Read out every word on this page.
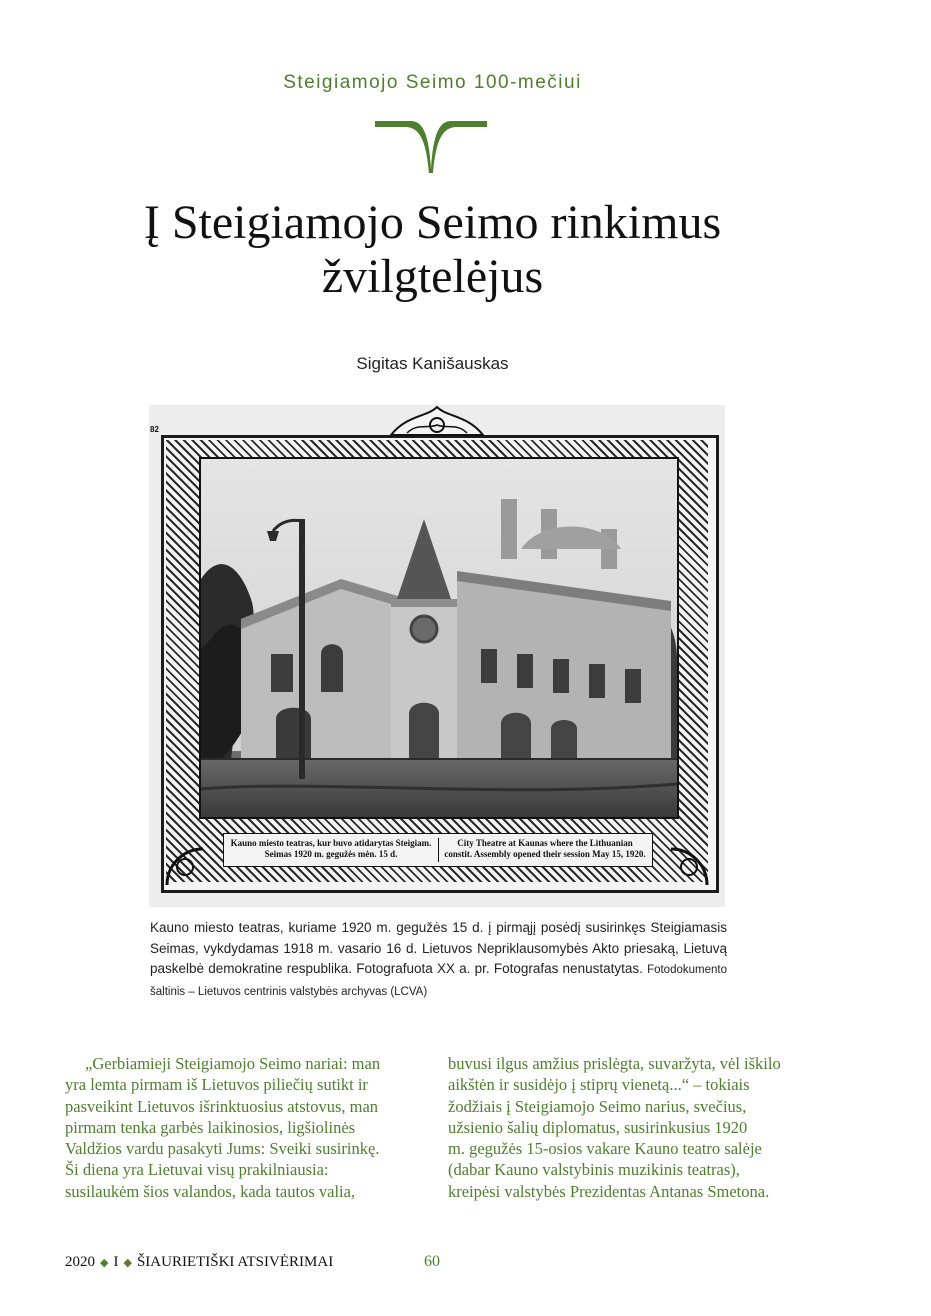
Steigiamojo Seimo 100-mečiui
Į Steigiamojo Seimo rinkimus
žvilgtelėjus
Sigitas Kanišauskas
82
Kauno miesto teatras, kur buvo atidarytas Steigiam.
Seimas 1920 m. gegužės mėn. 15 d.
City Theatre at Kaunas where the Lithuanian
constit. Assembly opened their session May 15, 1920.
Kauno miesto teatras, kuriame 1920 m. gegužės 15 d. į pirmąjį posėdį susirinkęs Steigiamasis Seimas, vykdydamas 1918 m. vasario 16 d. Lietuvos Nepriklausomybės Akto priesaką, Lietuvą paskelbė demokratine respublika. Fotografuota XX a. pr. Fotografas nenustatytas. Fotodokumento šaltinis – Lietuvos centrinis valstybės archyvas (LCVA)
„Gerbiamieji Steigiamojo Seimo nariai: man
yra lemta pirmam iš Lietuvos piliečių sutikt ir
pasveikint Lietuvos išrinktuosius atstovus, man
pirmam tenka garbės laikinosios, ligšiolinės
Valdžios vardu pasakyti Jums: Sveiki susirinkę.
Ši diena yra Lietuvai visų prakilniausia:
susilaukėm šios valandos, kada tautos valia,
buvusi ilgus amžius prislėgta, suvaržyta, vėl iškilo
aikštėn ir susidėjo į stiprų vienetą...“ – tokiais
žodžiais į Steigiamojo Seimo narius, svečius,
užsienio šalių diplomatus, susirinkusius 1920
m. gegužės 15-osios vakare Kauno teatro salėje
(dabar Kauno valstybinis muzikinis teatras),
kreipėsi valstybės Prezidentas Antanas Smetona.
2020 ◆ I ◆ ŠIAURIETIŠKI ATSIVĖRIMAI	60
